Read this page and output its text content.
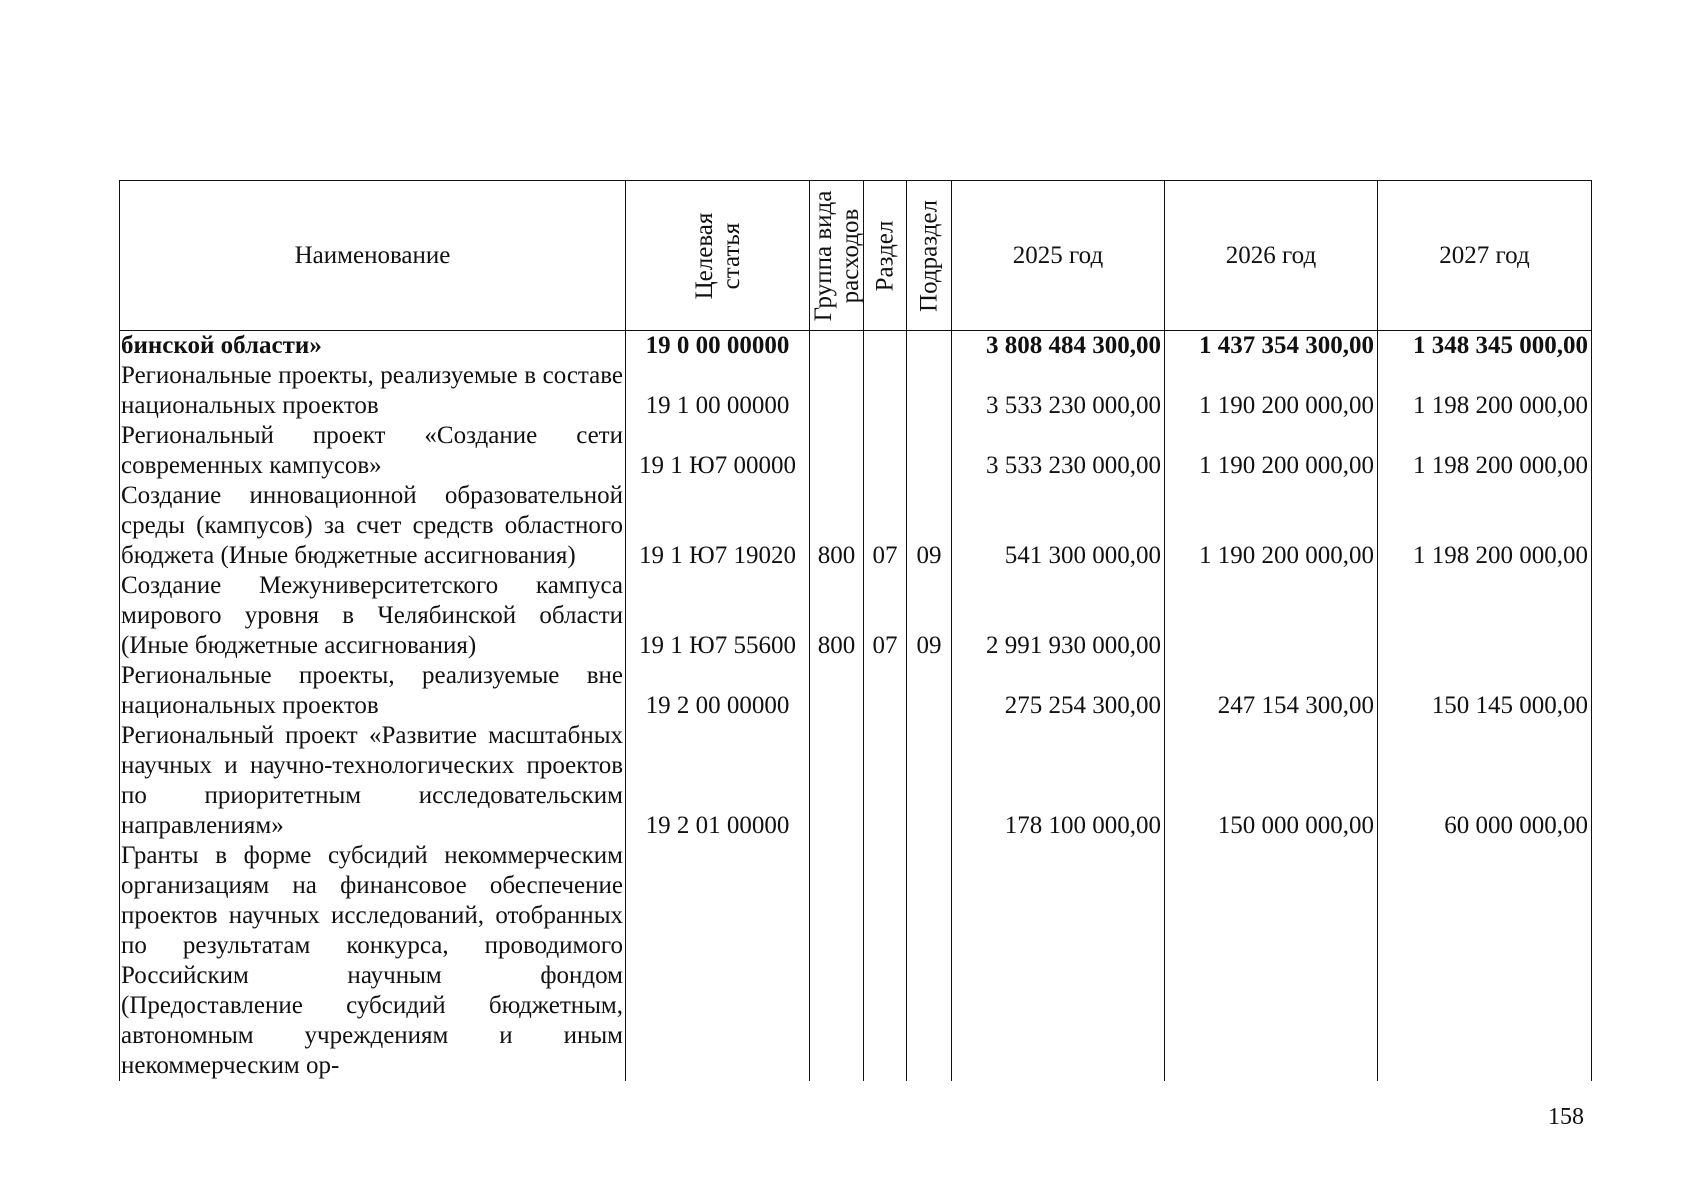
Наименование	Целевая статья	Группа вида расходов	Раздел	Подраздел	2025 год	2026 год	2027 год
бинской области»	19 0 00 00000				3 808 484 300,00	1 437 354 300,00	1 348 345 000,00
Региональные проекты, реализуемые в составе национальных проектов	19 1 00 00000				3 533 230 000,00	1 190 200 000,00	1 198 200 000,00
Региональный проект «Создание сети современных кампусов»	19 1 Ю7 00000				3 533 230 000,00	1 190 200 000,00	1 198 200 000,00
Создание инновационной образовательной среды (кампусов) за счет средств областного бюджета (Иные бюджетные ассигнования)	19 1 Ю7 19020	800	07	09	541 300 000,00	1 190 200 000,00	1 198 200 000,00
Создание Межуниверситетского кампуса мирового уровня в Челябинской области (Иные бюджетные ассигнования)	19 1 Ю7 55600	800	07	09	2 991 930 000,00		
Региональные проекты, реализуемые вне национальных проектов	19 2 00 00000				275 254 300,00	247 154 300,00	150 145 000,00
Региональный проект «Развитие масштабных научных и научно-технологических проектов по приоритетным исследовательским направлениям»	19 2 01 00000				178 100 000,00	150 000 000,00	60 000 000,00
Гранты в форме субсидий некоммерческим организациям на финансовое обеспечение проектов научных исследований, отобранных по результатам конкурса, проводимого Российским научным фондом (Предоставление субсидий бюджетным, автономным учреждениям и иным некоммерческим ор-							
158
